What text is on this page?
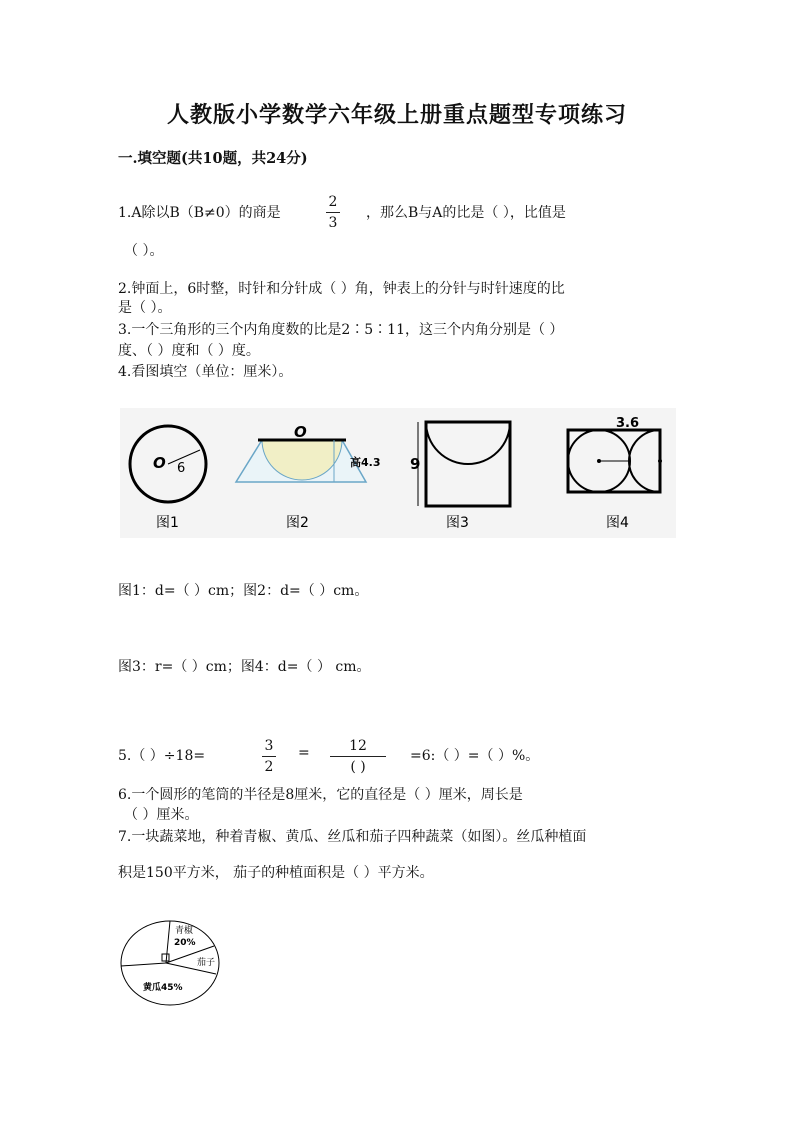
人教版小学数学六年级上册重点题型专项练习
一.填空题(共10题，共24分)
1.A除以B（B≠0）的商是
2
3
，那么B与A的比是（ ），比值是
（ ）。
2.钟面上，6时整，时针和分针成（ ）角，钟表上的分针与时针速度的比
是（ ）。
3.一个三角形的三个内角度数的比是2∶5∶11，这三个内角分别是（ ）
度、（ ）度和（ ）度。
4.看图填空（单位：厘米）。
O 6
图1
O
高4.3
图2
9
图3
3.6
图4
图1：d=（ ）cm；图2：d=（ ）cm。
图3：r=（ ）cm；图4：d=（ ） cm。
5.（ ）÷18=
3
2
=	12
( )
=6:（ ）=（ ）%。
6.一个圆形的笔筒的半径是8厘米，它的直径是（ ）厘米，周长是
（ ）厘米。
7.一块蔬菜地，种着青椒、黄瓜、丝瓜和茄子四种蔬菜（如图）。丝瓜种植面
积是150平方米， 茄子的种植面积是（ ）平方米。
青椒
20%
茄子
黄瓜45%
